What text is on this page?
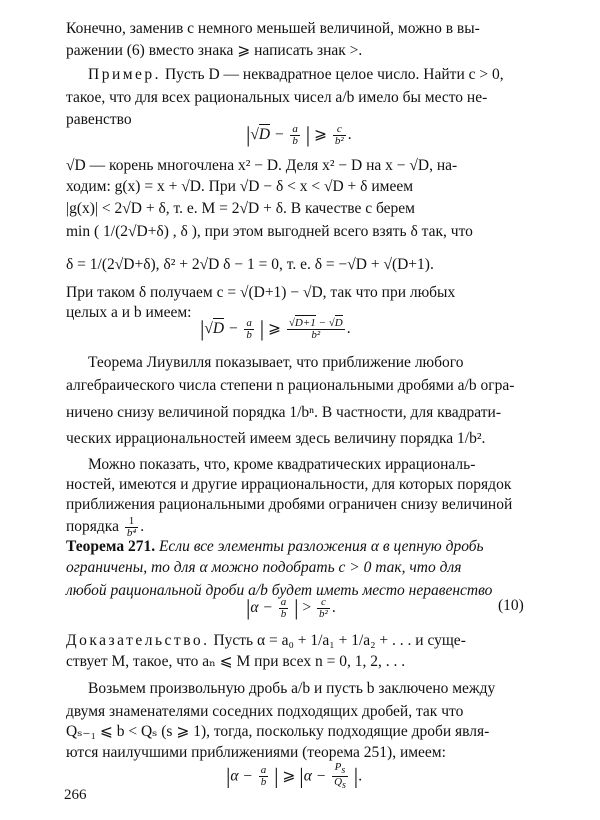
Конечно, заменив с немного меньшей величиной, можно в вы-
ражении (6) вместо знака ⩾ написать знак >.
Пример. Пусть D — неквадратное целое число. Найти c > 0,
такое, что для всех рациональных чисел a/b имело бы место не-
равенство
$|√D - \frac{a}{b}$ | ⩾ $\frac{c}{\text{b²}}$ .
√D — корень многочлена x² − D. Деля x² − D на x − √D, на-
ходим: g(x) = x + √D. При √D − δ < x < √D + δ имеем
|g(x)| < 2√D + δ, т. е. M = 2√D + δ. В качестве c берем
min ( 1/(2√D+δ) , δ ), при этом выгодней всего взять δ так, что
δ = 1/(2√D+δ), δ² + 2√D δ − 1 = 0, т. е. δ = −√D + √(D+1).
При таком δ получаем c = √(D+1) − √D, так что при любых
целых a и b имеем:
$|√D - \frac{a}{b}$ | ⩾ $\frac{√D+1 - √D}{\text{b²}}$ .
Теорема Лиувилля показывает, что приближение любого
алгебраического числа степени n рациональными дробями a/b огра-
ничено снизу величиной порядка 1/bⁿ. В частности, для квадрати-
ческих иррациональностей имеем здесь величину порядка 1/b².
Можно показать, что, кроме квадратических иррациональ-
ностей, имеются и другие иррациональности, для которых порядок
приближения рациональными дробями ограничен снизу величиной
порядка $\frac{1}{\text{b⁴}}$ .
Теорема 271. Если все элементы разложения α в цепную дробь
ограничены, то для α можно подобрать c > 0 так, что для
любой рациональной дроби a/b будет иметь место неравенство
$|\alpha - \frac{a}{b}$ | > $\frac{c}{\text{b²}}$ .	(10)
Доказательство. Пусть α = a₀ + 1/a₁ + 1/a₂ + . . . и суще-
ствует M, такое, что aₙ ⩽ M при всех n = 0, 1, 2, . . .
Возьмем произвольную дробь a/b и пусть b заключено между
двумя знаменателями соседних подходящих дробей, так что
Qₛ₋₁ ⩽ b < Qₛ (s ⩾ 1), тогда, поскольку подходящие дроби явля-
ются наилучшими приближениями (теорема 251), имеем:
$|\alpha - \frac{a}{b}$ | ⩾ $|\alpha - \frac{Ps}{Qs}$ |.
266
